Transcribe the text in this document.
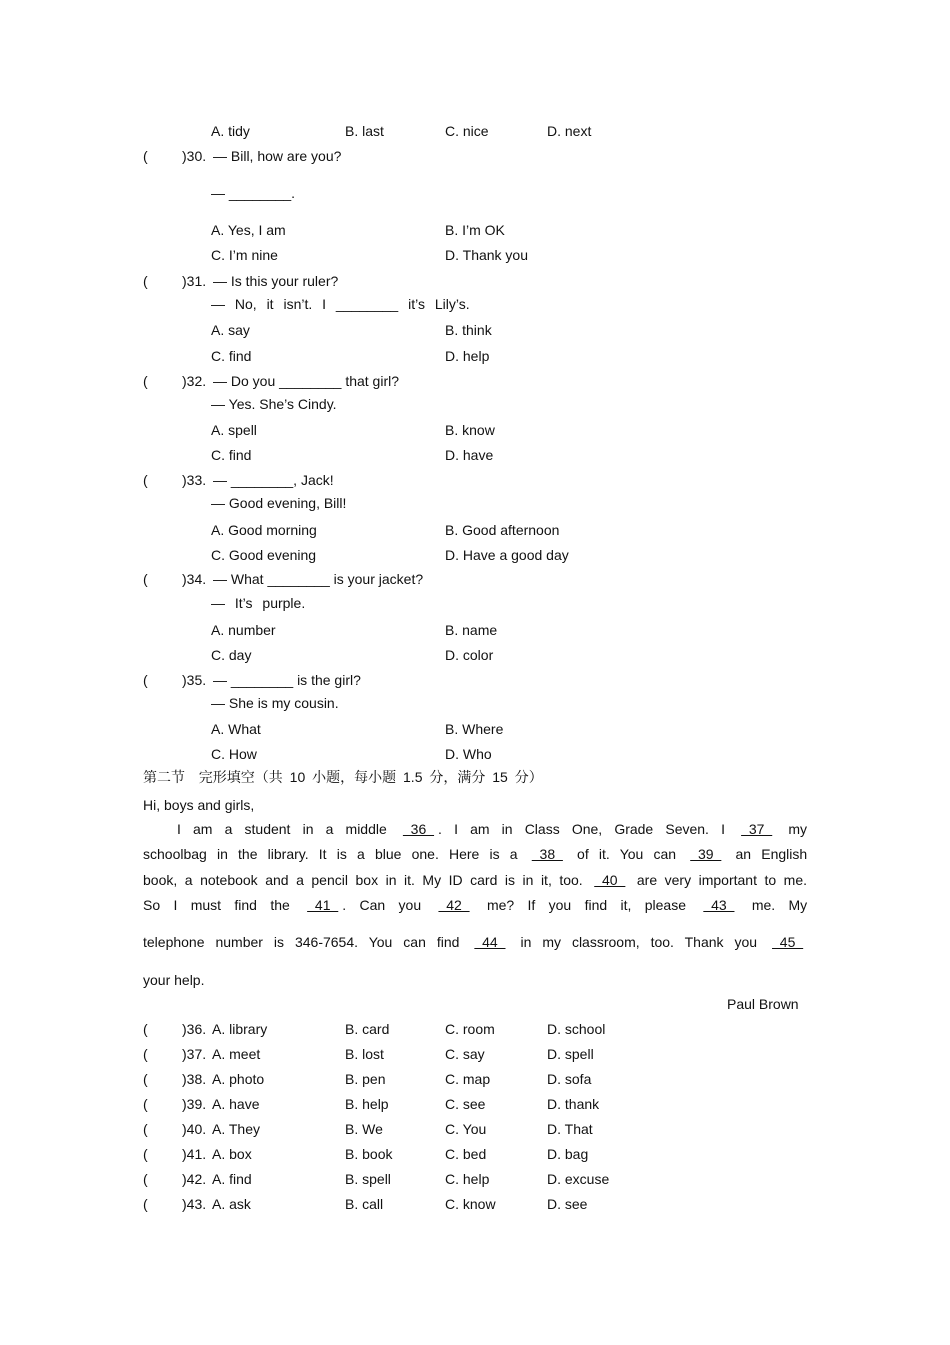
A. tidy	B. last	C. nice	D. next
( )30. — Bill, how are you?
— ________.
A. Yes, I am	B. I’m OK
C. I’m nine	D. Thank you
( )31. — Is this your ruler?
— No, it isn’t. I ________ it’s Lily’s.
A. say	B. think
C. find	D. help
( )32. — Do you ________ that girl?
— Yes. She’s Cindy.
A. spell	B. know
C. find	D. have
( )33. — ________, Jack!
— Good evening, Bill!
A. Good morning	B. Good afternoon
C. Good evening	D. Have a good day
( )34. — What ________ is your jacket?
— It’s purple.
A. number	B. name
C. day	D. color
( )35. — ________ is the girl?
— She is my cousin.
A. What	B. Where
C. How	D. Who
第二节  完形填空（共 10 小题，每小题 1.5 分，满分 15 分）
Hi, boys and girls,
I am a student in a middle   36  . I am in Class One, Grade Seven. I   37   my
schoolbag in the library. It is a blue one. Here is a   38   of it. You can   39   an English
book, a notebook and a pencil box in it. My ID card is in it, too.   40   are very important to me.
So I must find the   41  . Can you   42   me? If you find it, please   43   me. My
telephone number is 346-7654. You can find   44   in my classroom, too. Thank you   45
your help.
Paul Brown
( )36. A. library	B. card	C. room	D. school
( )37. A. meet	B. lost	C. say	D. spell
( )38. A. photo	B. pen	C. map	D. sofa
( )39. A. have	B. help	C. see	D. thank
( )40. A. They	B. We	C. You	D. That
( )41. A. box	B. book	C. bed	D. bag
( )42. A. find	B. spell	C. help	D. excuse
( )43. A. ask	B. call	C. know	D. see
